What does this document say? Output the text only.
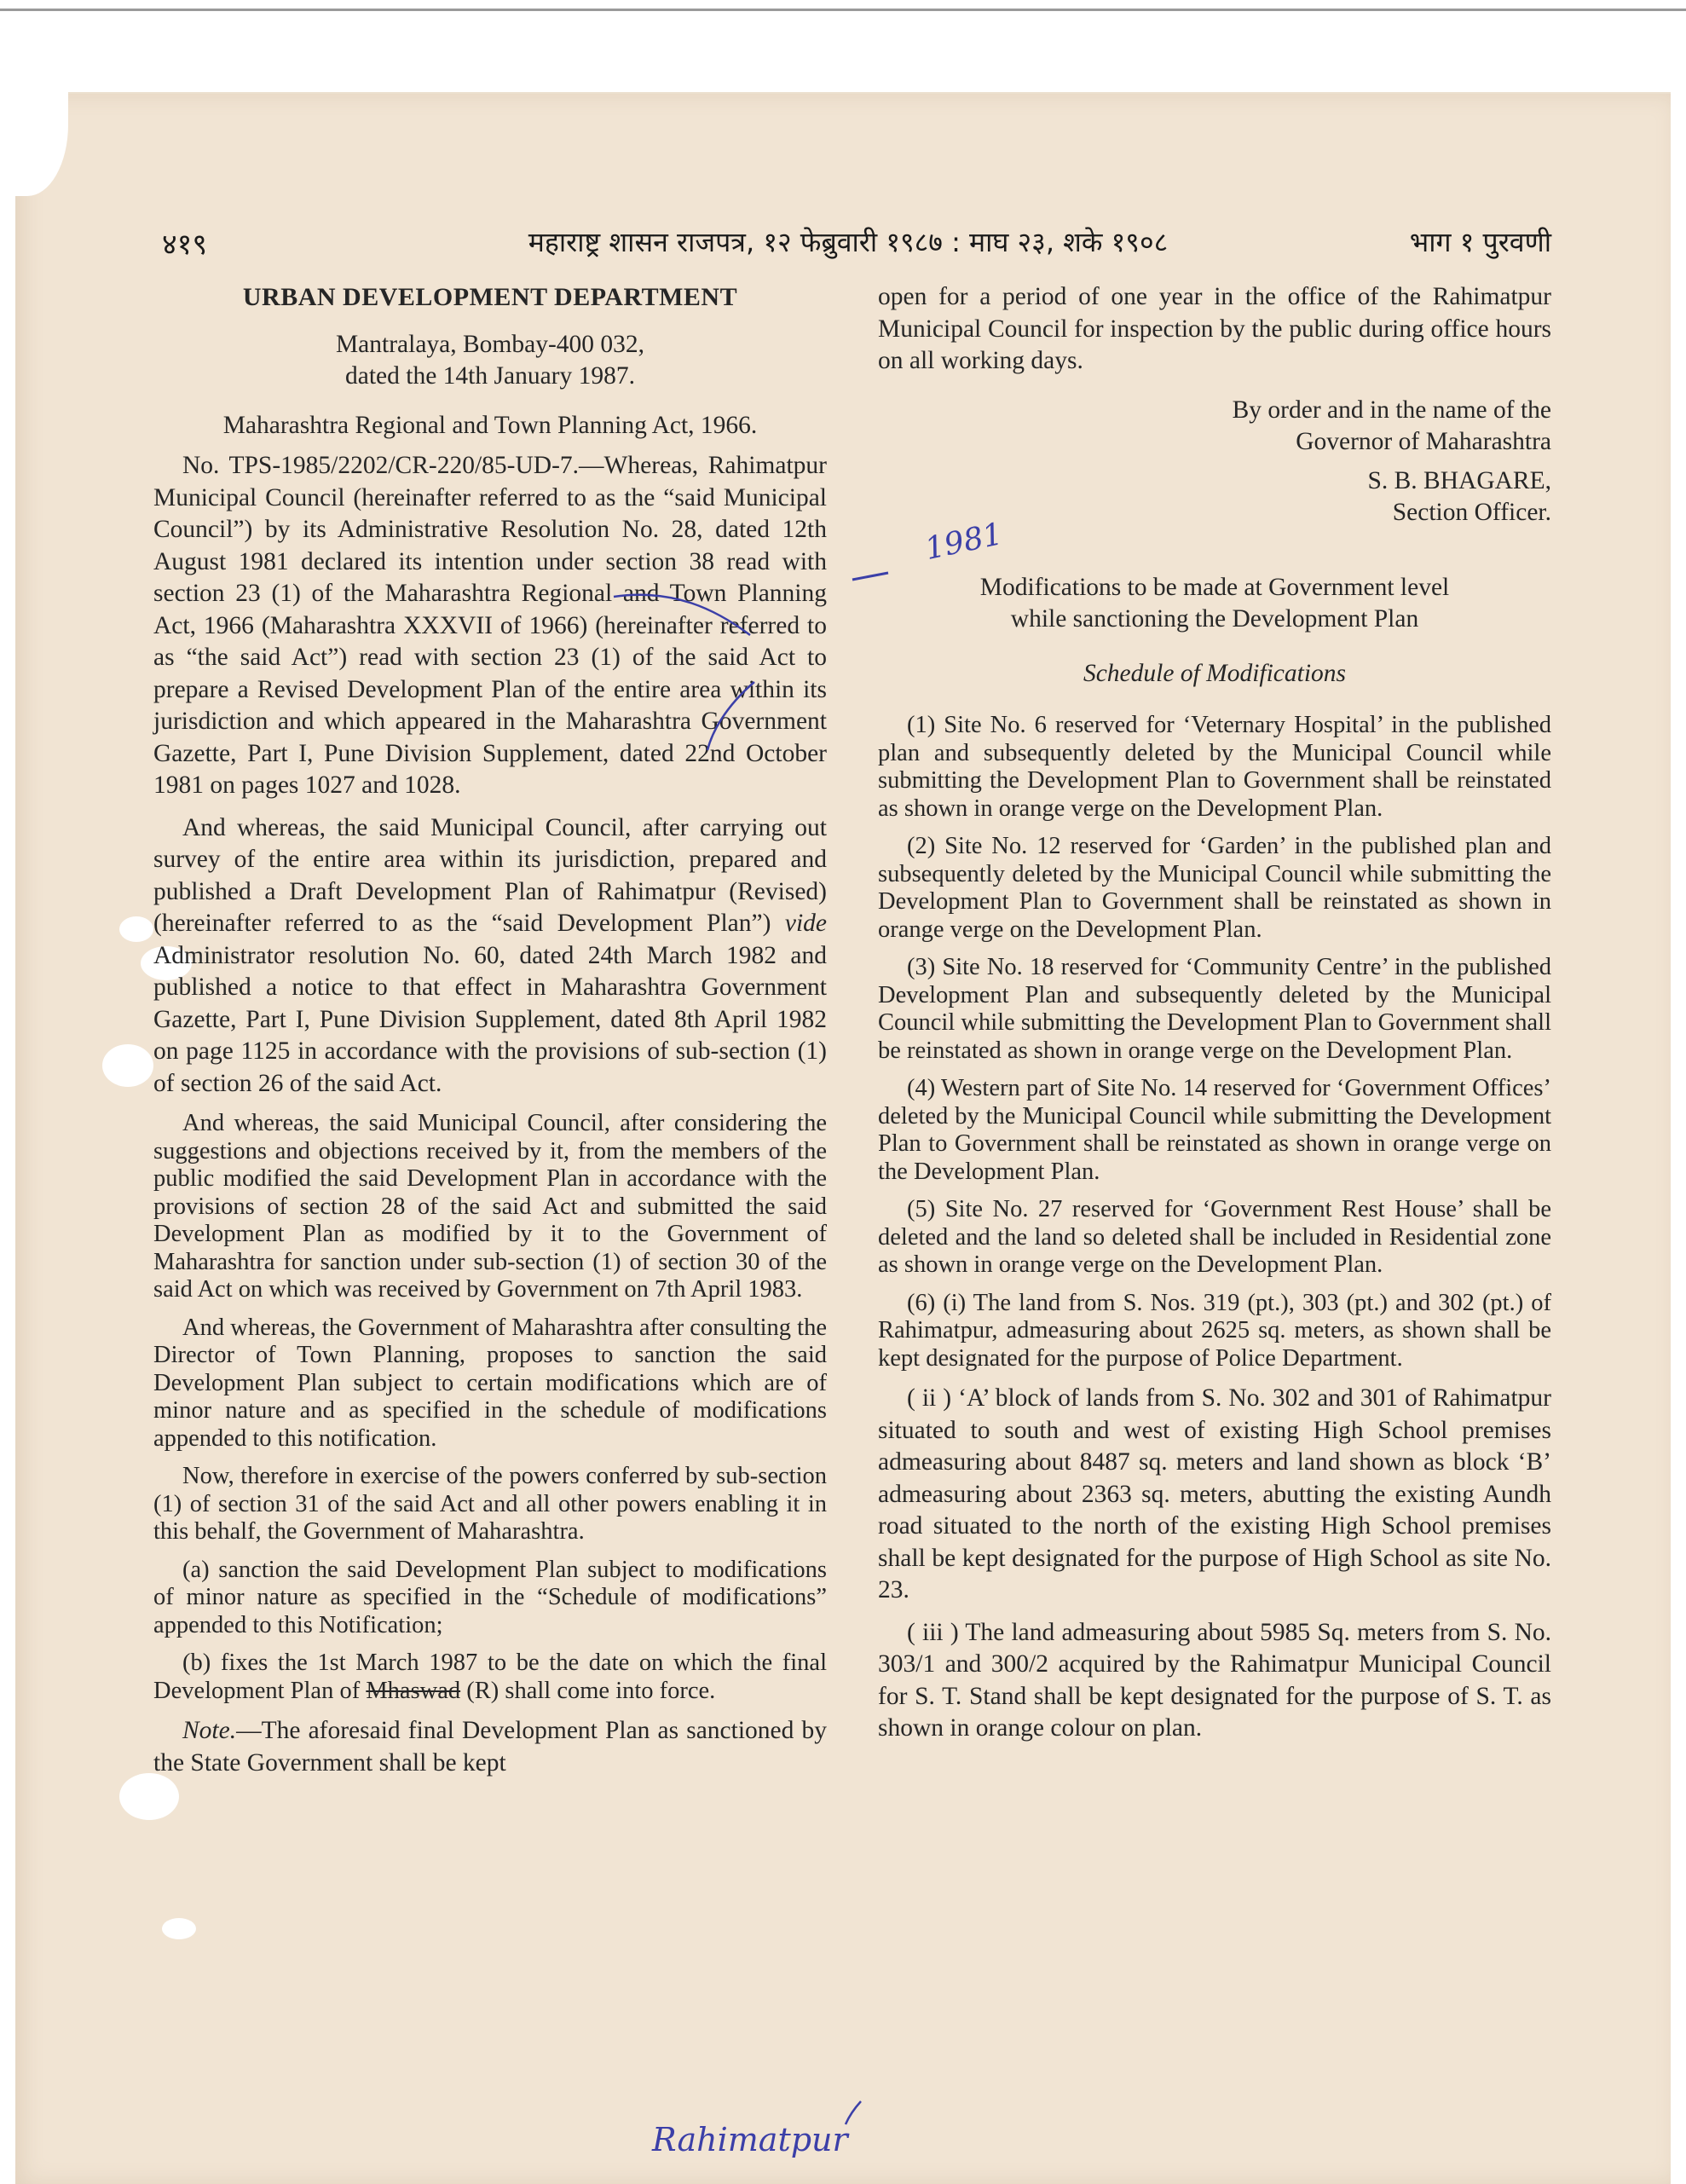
४१९	महाराष्ट्र शासन राजपत्र, १२ फेब्रुवारी १९८७ : माघ २३, शके १९०८	भाग १ पुरवणी
URBAN DEVELOPMENT DEPARTMENT

Mantralaya, Bombay-400 032,

dated the 14th January 1987.

Maharashtra Regional and Town Planning Act, 1966.

No. TPS-1985/2202/CR-220/85-UD-7.—Whereas, Rahimatpur Municipal Council (hereinafter referred to as the “said Municipal Council”) by its Administrative Resolution No. 28, dated 12th August 1981 declared its intention under section 38 read with section 23 (1) of the Maharashtra Regional and Town Planning Act, 1966 (Maharashtra XXXVII of 1966) (hereinafter referred to as “the said Act”) read with section 23 (1) of the said Act to prepare a Revised Development Plan of the entire area within its jurisdiction and which appeared in the Maharashtra Government Gazette, Part I, Pune Division Supplement, dated 22nd October 1981 on pages 1027 and 1028.

And whereas, the said Municipal Council, after carrying out survey of the entire area within its jurisdiction, prepared and published a Draft Development Plan of Rahimatpur (Revised) (hereinafter referred to as the “said Development Plan”) vide Administrator resolution No. 60, dated 24th March 1982 and published a notice to that effect in Maharashtra Government Gazette, Part I, Pune Division Supplement, dated 8th April 1982 on page 1125 in accordance with the provisions of sub-section (1) of section 26 of the said Act.

And whereas, the said Municipal Council, after considering the suggestions and objections received by it, from the members of the public modified the said Development Plan in accordance with the provisions of section 28 of the said Act and submitted the said Development Plan as modified by it to the Government of Maharashtra for sanction under sub-section (1) of section 30 of the said Act on which was received by Government on 7th April 1983.

And whereas, the Government of Maharashtra after consulting the Director of Town Planning, proposes to sanction the said Development Plan subject to certain modifications which are of minor nature and as specified in the schedule of modifications appended to this notification.

Now, therefore in exercise of the powers conferred by sub-section (1) of section 31 of the said Act and all other powers enabling it in this behalf, the Government of Maharashtra.

(a) sanction the said Development Plan subject to modifications of minor nature as specified in the “Schedule of modifications” appended to this Notification;

(b) fixes the 1st March 1987 to be the date on which the final Development Plan of Mhaswad (R) shall come into force.

Note.—The aforesaid final Development Plan as sanctioned by the State Government shall be kept

open for a period of one year in the office of the Rahimatpur Municipal Council for inspection by the public during office hours on all working days.

By order and in the name of the

Governor of Maharashtra

S. B. BHAGARE,

Section Officer.

Modifications to be made at Government level

while sanctioning the Development Plan

Schedule of Modifications

(1) Site No. 6 reserved for ‘Veternary Hospital’ in the published plan and subsequently deleted by the Municipal Council while submitting the Development Plan to Government shall be reinstated as shown in orange verge on the Development Plan.

(2) Site No. 12 reserved for ‘Garden’ in the published plan and subsequently deleted by the Municipal Council while submitting the Development Plan to Government shall be reinstated as shown in orange verge on the Development Plan.

(3) Site No. 18 reserved for ‘Community Centre’ in the published Development Plan and subsequently deleted by the Municipal Council while submitting the Development Plan to Government shall be reinstated as shown in orange verge on the Development Plan.

(4) Western part of Site No. 14 reserved for ‘Government Offices’ deleted by the Municipal Council while submitting the Development Plan to Government shall be reinstated as shown in orange verge on the Development Plan.

(5) Site No. 27 reserved for ‘Government Rest House’ shall be deleted and the land so deleted shall be included in Residential zone as shown in orange verge on the Development Plan.

(6) (i) The land from S. Nos. 319 (pt.), 303 (pt.) and 302 (pt.) of Rahimatpur, admeasuring about 2625 sq. meters, as shown shall be kept designated for the purpose of Police Department.

( ii ) ‘A’ block of lands from S. No. 302 and 301 of Rahimatpur situated to south and west of existing High School premises admeasuring about 8487 sq. meters and land shown as block ‘B’ admeasuring about 2363 sq. meters, abutting the existing Aundh road situated to the north of the existing High School premises shall be kept designated for the purpose of High School as site No. 23.

( iii ) The land admeasuring about 5985 Sq. meters from S. No. 303/1 and 300/2 acquired by the Rahimatpur Municipal Council for S. T. Stand shall be kept designated for the purpose of S. T. as shown in orange colour on plan.

1981
Rahimatpur
